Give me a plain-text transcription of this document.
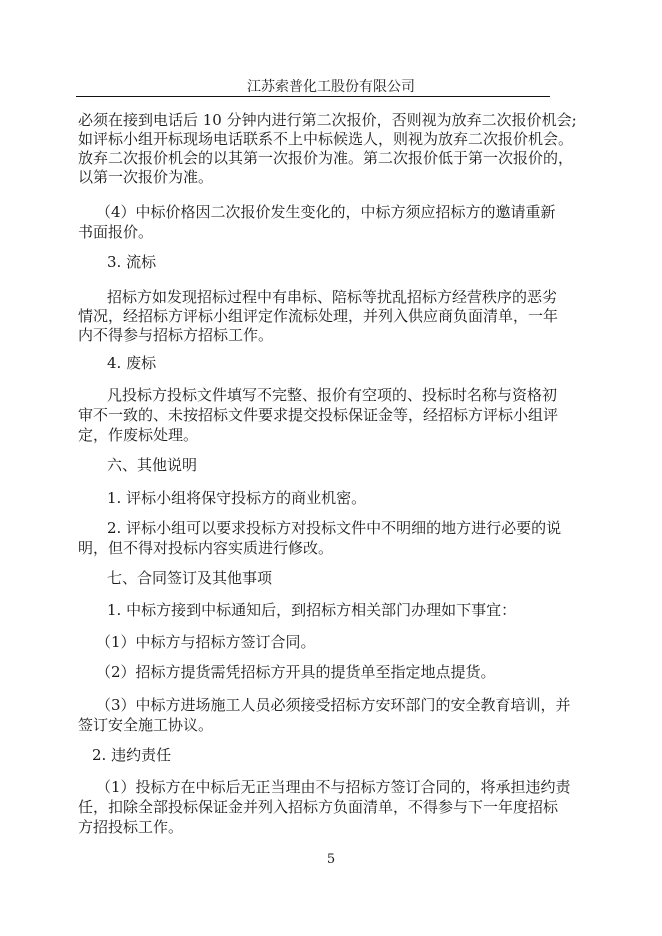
江苏索普化工股份有限公司
必须在接到电话后 10 分钟内进行第二次报价，否则视为放弃二次报价机会;
如评标小组开标现场电话联系不上中标候选人，则视为放弃二次报价机会。
放弃二次报价机会的以其第一次报价为准。第二次报价低于第一次报价的，
以第一次报价为准。
（4）中标价格因二次报价发生变化的，中标方须应招标方的邀请重新
书面报价。
3. 流标
招标方如发现招标过程中有串标、陪标等扰乱招标方经营秩序的恶劣
情况，经招标方评标小组评定作流标处理，并列入供应商负面清单，一年
内不得参与招标方招标工作。
4. 废标
凡投标方投标文件填写不完整、报价有空项的、投标时名称与资格初
审不一致的、未按招标文件要求提交投标保证金等，经招标方评标小组评
定，作废标处理。
六、其他说明
1. 评标小组将保守投标方的商业机密。
2. 评标小组可以要求投标方对投标文件中不明细的地方进行必要的说
明，但不得对投标内容实质进行修改。
七、合同签订及其他事项
1. 中标方接到中标通知后，到招标方相关部门办理如下事宜：
（1）中标方与招标方签订合同。
（2）招标方提货需凭招标方开具的提货单至指定地点提货。
（3）中标方进场施工人员必须接受招标方安环部门的安全教育培训，并
签订安全施工协议。
2. 违约责任
（1）投标方在中标后无正当理由不与招标方签订合同的，将承担违约责
任，扣除全部投标保证金并列入招标方负面清单，不得参与下一年度招标
方招投标工作。
5
